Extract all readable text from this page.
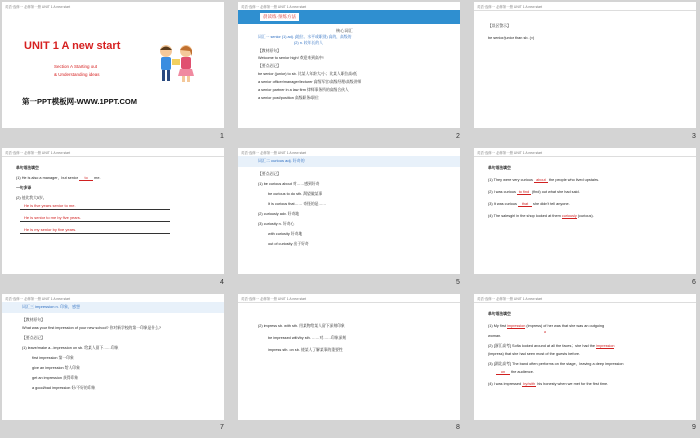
英语·选修一 必修第一册 UNIT 1 A new start
UNIT 1 A new start
Section A Starting out
& Understanding ideas
第一PPT模板网-WWW.1PPT.COM
1
英语·选修一 必修第一册 UNIT 1 A new start
晨读练·预练方法
核心词汇
词汇一 senior (1) adj. (地位、水平或职别) 高的，高级的
(2) n. 较年长的人
【教材原句】
Welcome to senior high! 欢迎来到高中!
【要点必记】
be senior (junior) to sb. 比某人年龄大/小；比某人职位高/低
a senior officer/manager/lecturer 高级军官/高级经理/高级讲师
a senior partner in a law firm 律师事务所的高级合伙人
a senior post/position 高级职务/职位
2
英语·选修一 必修第一册 UNIT 1 A new start
【误区警示】
be senior/junior than sb. (×)
3
英语·选修一 必修第一册 UNIT 1 A new start
单句语法填空
(1) He is also a manager，but senior to me.
一句多译
(2) 他比我大5岁。
He is five years senior to me.
He is senior to me by five years.
He is my senior by five years.
4
英语·选修一 必修第一册 UNIT 1 A new start
词汇二 curious adj. 好奇的
【要点必记】
(1) be curious about 对……感到好奇
be curious to do sth. 渴望做某事
It is curious that…… 奇怪的是……
(2) curiously adv. 好奇地
(3) curiosity n. 好奇心
with curiosity 好奇地
out of curiosity 出于好奇
5
英语·选修一 必修第一册 UNIT 1 A new start
单句语法填空
(1) They were very curious about the people who lived upstairs.
(2) I was curious to find (find) out what she had said.
(3) It was curious that she didn't tell anyone.
(4) The salesgirl in the shop looked at them curiously (curious).
6
英语·选修一 必修第一册 UNIT 1 A new start
词汇三 impression n. 印象，感想
【教材原句】
What was your first impression of your new school? 你对新学校的第一印象是什么?
【要点必记】
(1) leave/make a...impression on sb. 给某人留下……印象
first impression 第一印象
give an impression 给人印象
get an impression 获得印象
a good/bad impression 好/不好的印象
7
英语·选修一 必修第一册 UNIT 1 A new start
(2) impress sb. with sth. 用某物给某人留下深刻印象
be impressed with/by sth. ……对……印象深刻
impress sth. on sb. 使某人了解某事的重要性
8
英语·选修一 必修第一册 UNIT 1 A new start
单句语法填空
(1) My first impression (impress) of her was that she was an outgoing
woman.
a
(2) [浙江高考] Sofia looked around at all the faces；she had the impression
(impress) that she had seen most of the guests before.
(3) [湖北高考] The band often performs on the stage，leaving a deep impression
on the audience.
(4) I was impressed by/with his honesty when we met for the first time.
9
